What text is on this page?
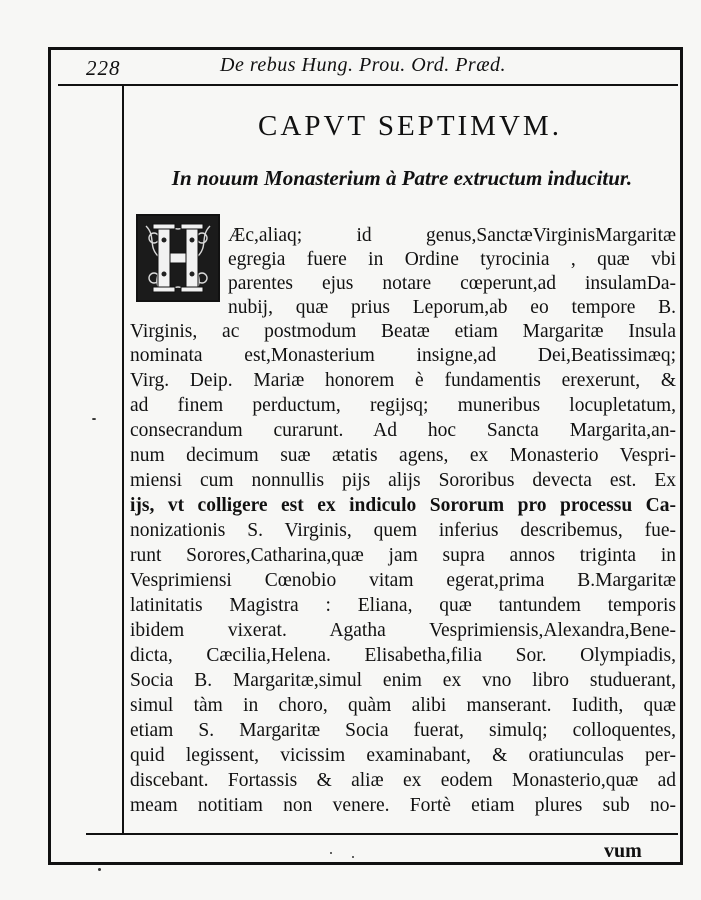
228	De rebus Hung. Prou. Ord. Præd.
CAPVT SEPTIMVM.
In nouum Monasterium à Patre extructum inducitur.
Æc,aliaq; id genus,SanctæVirginisMargaritæ
egregia fuere in Ordine tyrocinia , quæ vbi
parentes ejus notare cœperunt,ad insulamDa-
nubij, quæ prius Leporum,ab eo tempore B.
Virginis, ac postmodum Beatæ etiam Margaritæ Insula
nominata est,Monasterium insigne,ad Dei,Beatissimæq;
Virg. Deip. Mariæ honorem è fundamentis erexerunt, &
ad finem perductum, regijsq; muneribus locupletatum,
consecrandum curarunt. Ad hoc Sancta Margarita,an-
num decimum suæ ætatis agens, ex Monasterio Vespri-
miensi cum nonnullis pijs alijs Sororibus devecta est. Ex
ijs, vt colligere est ex indiculo Sororum pro processu Ca-
nonizationis S. Virginis, quem inferius describemus, fue-
runt Sorores,Catharina,quæ jam supra annos triginta in
Vesprimiensi Cœnobio vitam egerat,prima B.Margaritæ
latinitatis Magistra : Eliana, quæ tantundem temporis
ibidem vixerat. Agatha Vesprimiensis,Alexandra,Bene-
dicta, Cæcilia,Helena. Elisabetha,filia Sor. Olympiadis,
Socia B. Margaritæ,simul enim ex vno libro studuerant,
simul tàm in choro, quàm alibi manserant. Iudith, quæ
etiam S. Margaritæ Socia fuerat, simulq; colloquentes,
quid legissent, vicissim examinabant, & oratiunculas per-
discebant. Fortassis & aliæ ex eodem Monasterio,quæ ad
meam notitiam non venere. Fortè etiam plures sub no-
vum
